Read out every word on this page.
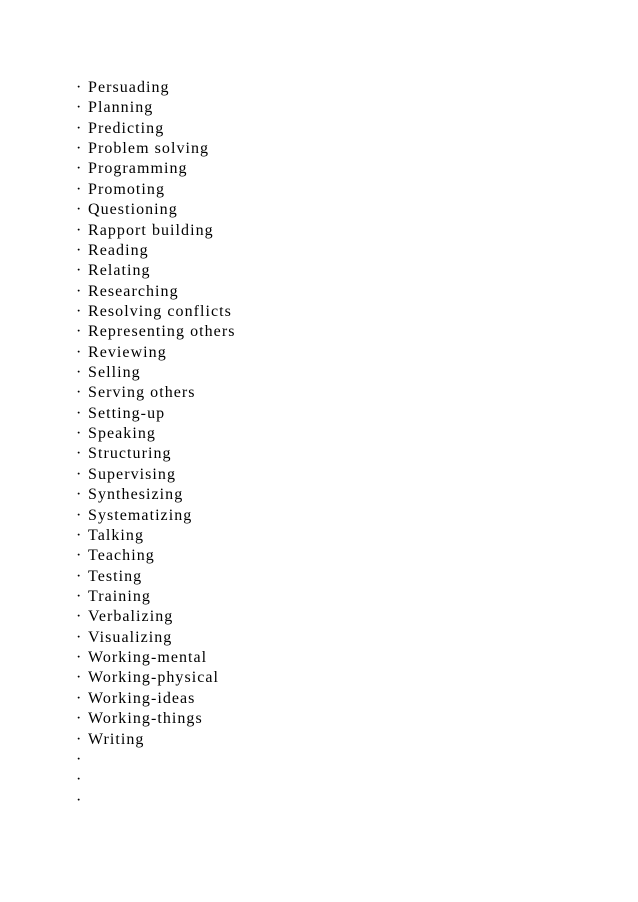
· Persuading
· Planning
· Predicting
· Problem solving
· Programming
· Promoting
· Questioning
· Rapport building
· Reading
· Relating
· Researching
· Resolving conflicts
· Representing others
· Reviewing
· Selling
· Serving others
· Setting-up
· Speaking
· Structuring
· Supervising
· Synthesizing
· Systematizing
· Talking
· Teaching
· Testing
· Training
· Verbalizing
· Visualizing
· Working-mental
· Working-physical
· Working-ideas
· Working-things
· Writing
·
·
·
